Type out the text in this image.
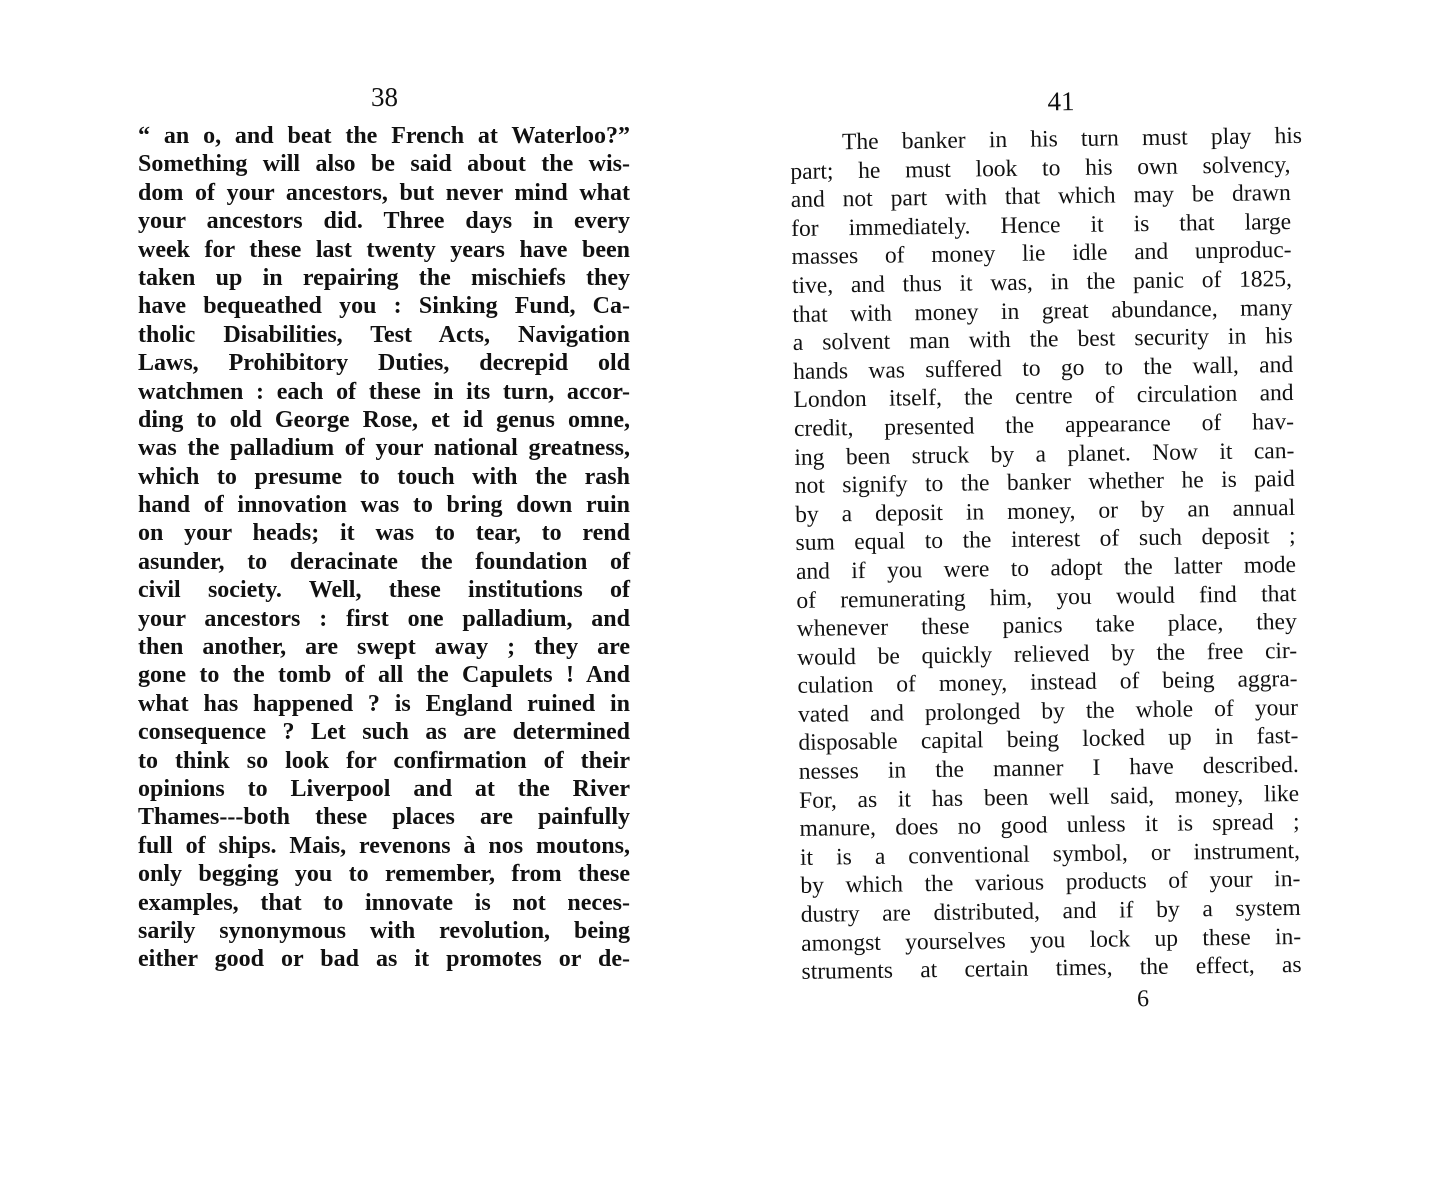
38
“ an o, and beat the French at Waterloo?”
Something will also be said about the wis-
dom of your ancestors, but never mind what
your ancestors did. Three days in every
week for these last twenty years have been
taken up in repairing the mischiefs they
have bequeathed you : Sinking Fund, Ca-
tholic Disabilities, Test Acts, Navigation
Laws, Prohibitory Duties, decrepid old
watchmen : each of these in its turn, accor-
ding to old George Rose, et id genus omne,
was the palladium of your national greatness,
which to presume to touch with the rash
hand of innovation was to bring down ruin
on your heads; it was to tear, to rend
asunder, to deracinate the foundation of
civil society. Well, these institutions of
your ancestors : first one palladium, and
then another, are swept away ; they are
gone to the tomb of all the Capulets ! And
what has happened ? is England ruined in
consequence ? Let such as are determined
to think so look for confirmation of their
opinions to Liverpool and at the River
Thames---both these places are painfully
full of ships. Mais, revenons à nos moutons,
only begging you to remember, from these
examples, that to innovate is not neces-
sarily synonymous with revolution, being
either good or bad as it promotes or de-
41
The banker in his turn must play his
part; he must look to his own solvency,
and not part with that which may be drawn
for immediately. Hence it is that large
masses of money lie idle and unproduc-
tive, and thus it was, in the panic of 1825,
that with money in great abundance, many
a solvent man with the best security in his
hands was suffered to go to the wall, and
London itself, the centre of circulation and
credit, presented the appearance of hav-
ing been struck by a planet. Now it can-
not signify to the banker whether he is paid
by a deposit in money, or by an annual
sum equal to the interest of such deposit ;
and if you were to adopt the latter mode
of remunerating him, you would find that
whenever these panics take place, they
would be quickly relieved by the free cir-
culation of money, instead of being aggra-
vated and prolonged by the whole of your
disposable capital being locked up in fast-
nesses in the manner I have described.
For, as it has been well said, money, like
manure, does no good unless it is spread ;
it is a conventional symbol, or instrument,
by which the various products of your in-
dustry are distributed, and if by a system
amongst yourselves you lock up these in-
struments at certain times, the effect, as
6
